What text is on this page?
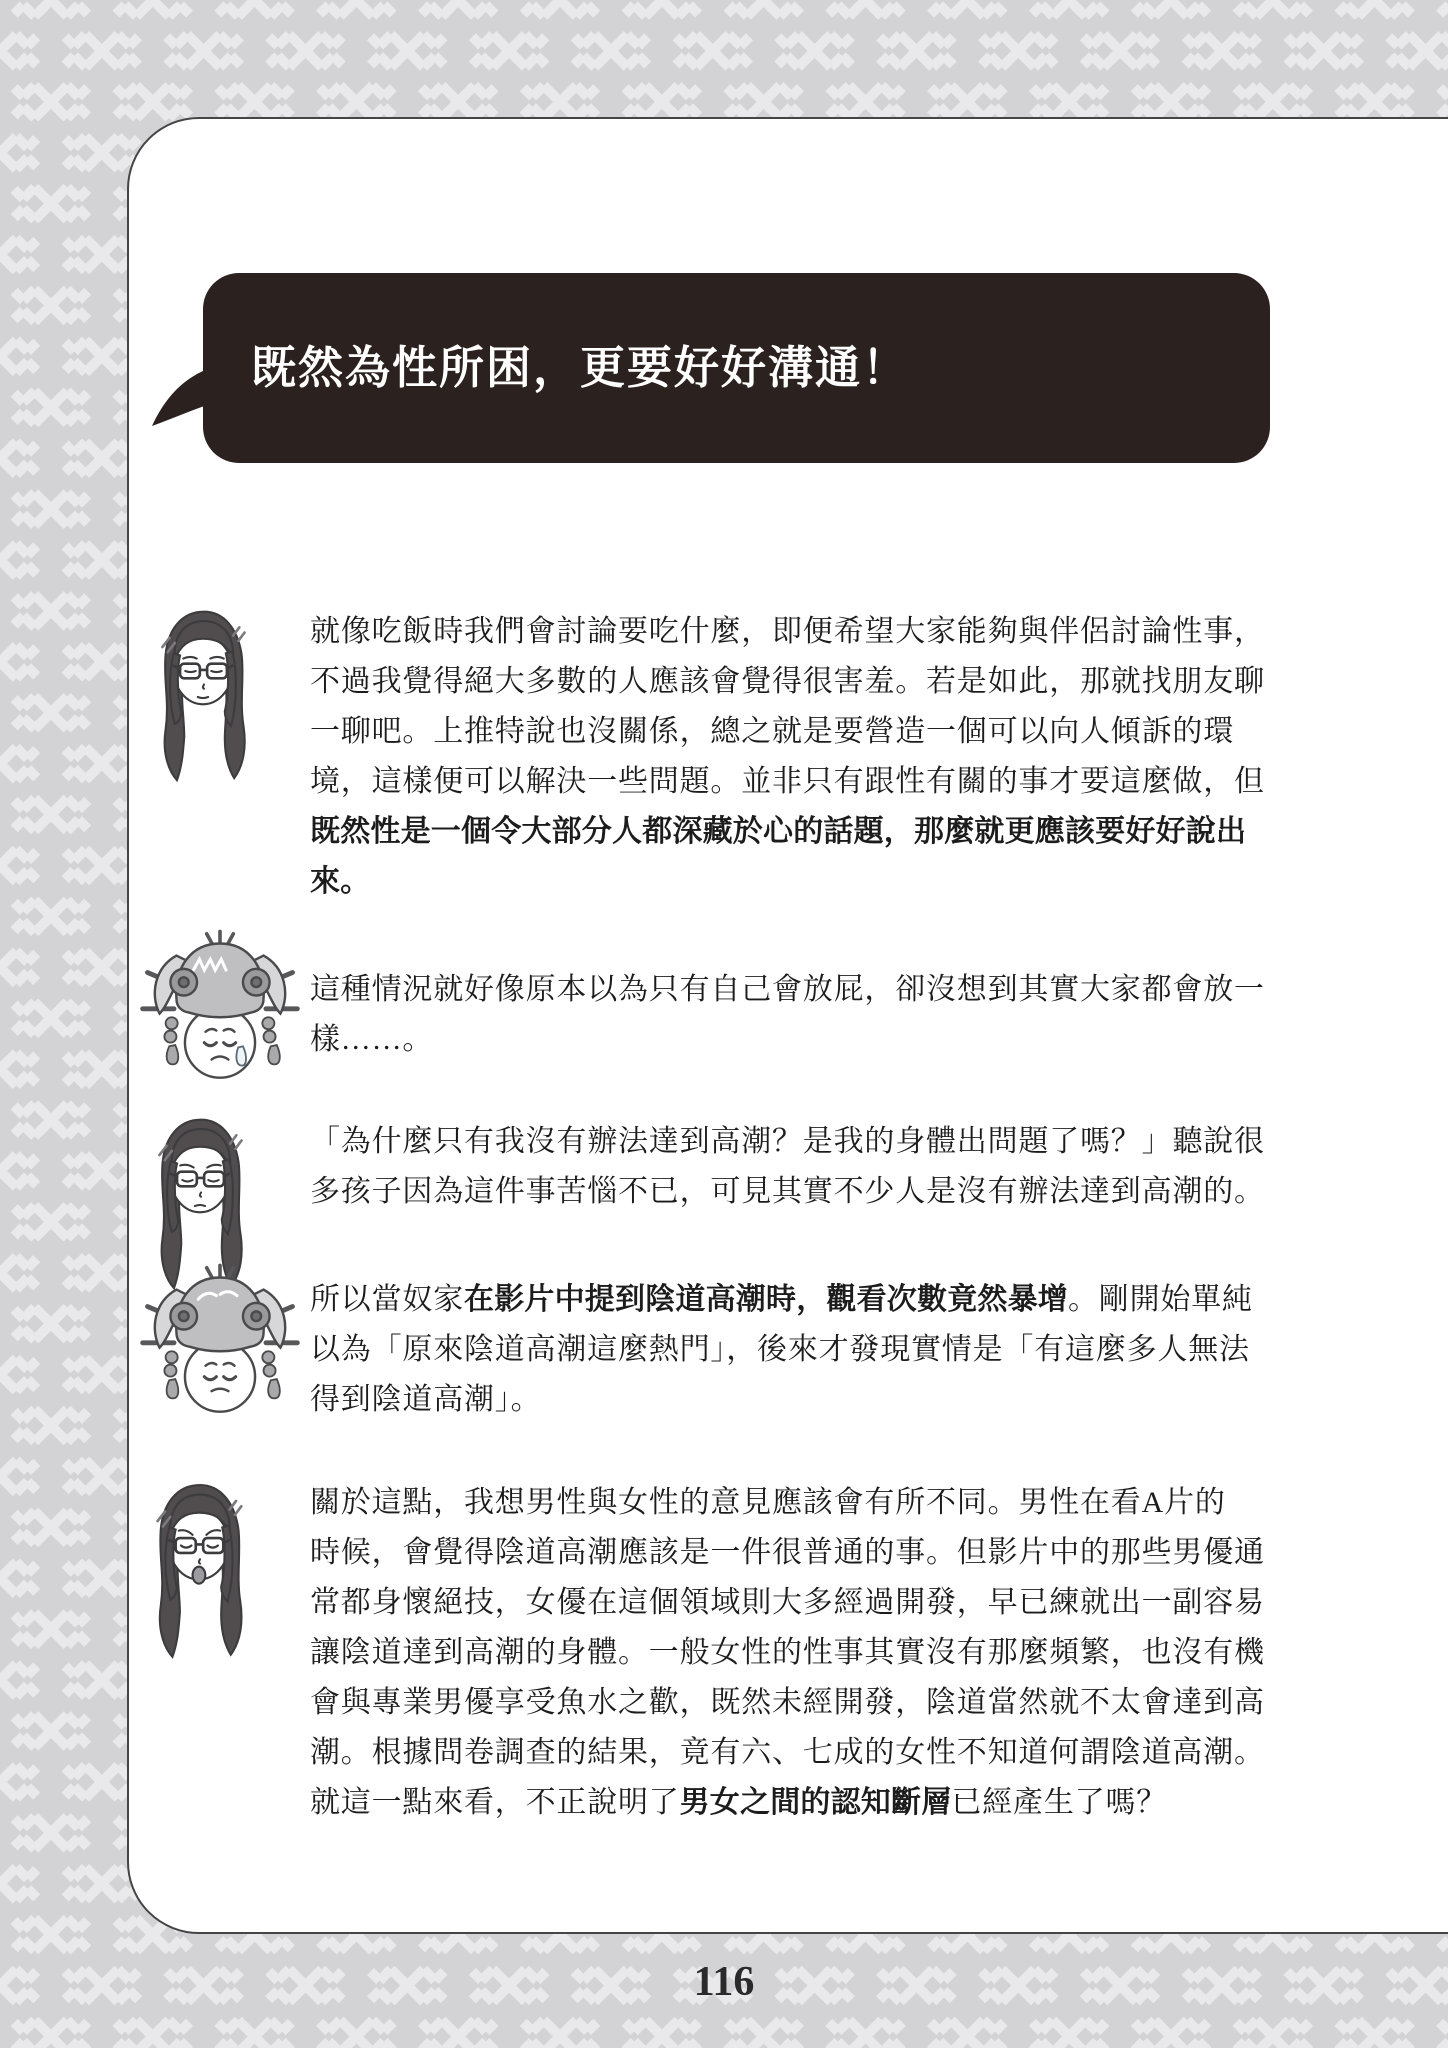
既然為性所困，更要好好溝通！
就像吃飯時我們會討論要吃什麼，即便希望大家能夠與伴侶討論性事，
不過我覺得絕大多數的人應該會覺得很害羞。若是如此，那就找朋友聊
一聊吧。上推特說也沒關係，總之就是要營造一個可以向人傾訴的環
境，這樣便可以解決一些問題。並非只有跟性有關的事才要這麼做，但
既然性是一個令大部分人都深藏於心的話題，那麼就更應該要好好說出
來。
這種情況就好像原本以為只有自己會放屁，卻沒想到其實大家都會放一
樣……。
「為什麼只有我沒有辦法達到高潮？是我的身體出問題了嗎？」聽說很
多孩子因為這件事苦惱不已，可見其實不少人是沒有辦法達到高潮的。
所以當奴家在影片中提到陰道高潮時，觀看次數竟然暴增。剛開始單純
以為「原來陰道高潮這麼熱門」，後來才發現實情是「有這麼多人無法
得到陰道高潮」。
關於這點，我想男性與女性的意見應該會有所不同。男性在看A片的
時候，會覺得陰道高潮應該是一件很普通的事。但影片中的那些男優通
常都身懷絕技，女優在這個領域則大多經過開發，早已練就出一副容易
讓陰道達到高潮的身體。一般女性的性事其實沒有那麼頻繁，也沒有機
會與專業男優享受魚水之歡，既然未經開發，陰道當然就不太會達到高
潮。根據問卷調查的結果，竟有六、七成的女性不知道何謂陰道高潮。
就這一點來看，不正說明了男女之間的認知斷層已經產生了嗎？
116
